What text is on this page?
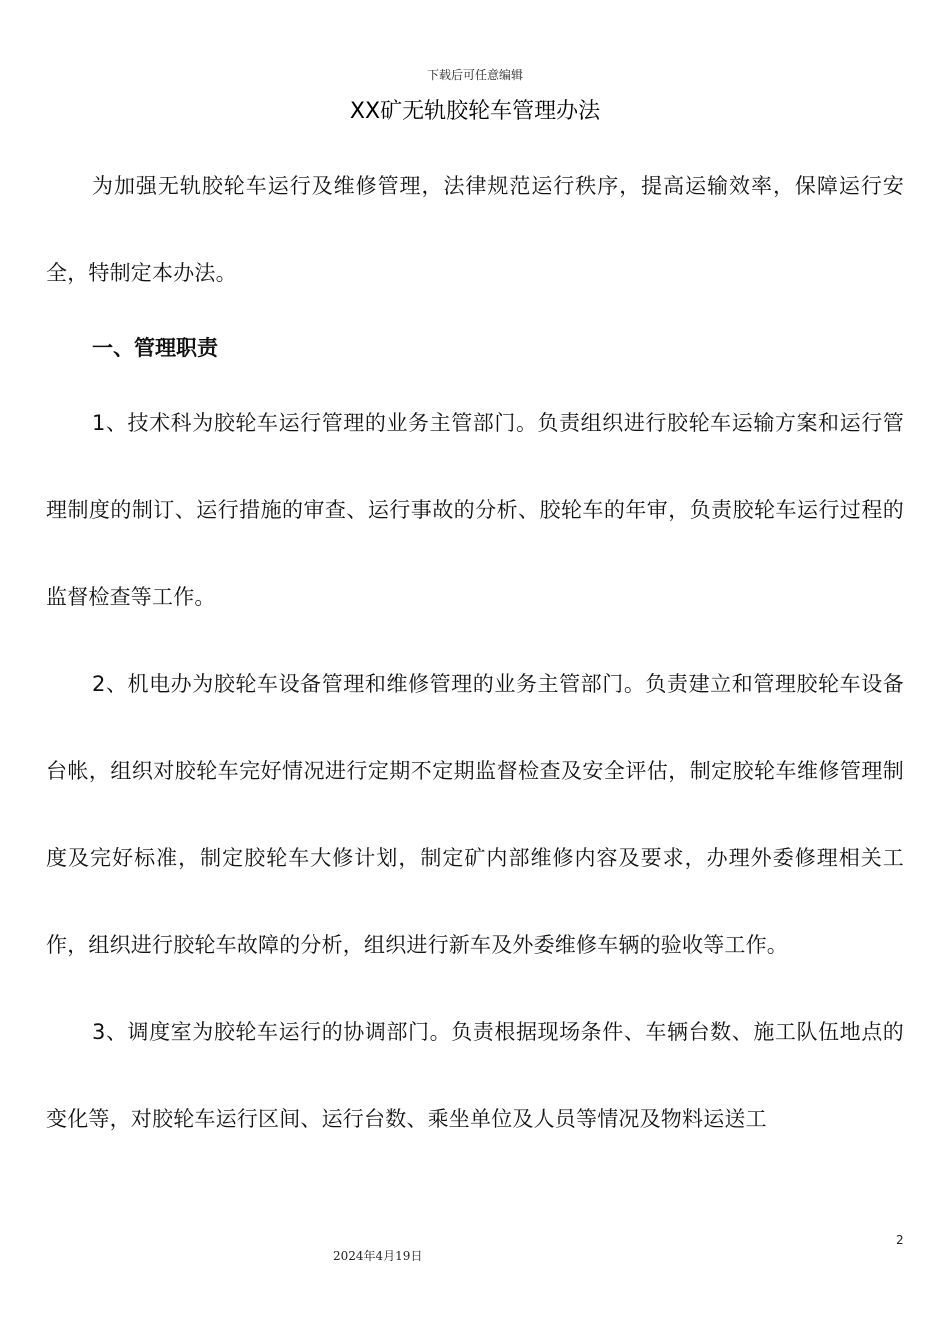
下载后可任意编辑
XX矿无轨胶轮车管理办法

为加强无轨胶轮车运行及维修管理，法律规范运行秩序，提高运输效率，保障运行安全，特制定本办法。

一、管理职责

1、技术科为胶轮车运行管理的业务主管部门。负责组织进行胶轮车运输方案和运行管理制度的制订、运行措施的审查、运行事故的分析、胶轮车的年审，负责胶轮车运行过程的监督检查等工作。

2、机电办为胶轮车设备管理和维修管理的业务主管部门。负责建立和管理胶轮车设备台帐，组织对胶轮车完好情况进行定期不定期监督检查及安全评估，制定胶轮车维修管理制度及完好标准，制定胶轮车大修计划，制定矿内部维修内容及要求，办理外委修理相关工作，组织进行胶轮车故障的分析，组织进行新车及外委维修车辆的验收等工作。

3、调度室为胶轮车运行的协调部门。负责根据现场条件、车辆台数、施工队伍地点的变化等，对胶轮车运行区间、运行台数、乘坐单位及人员等情况及物料运送工

2
2024年4月19日
